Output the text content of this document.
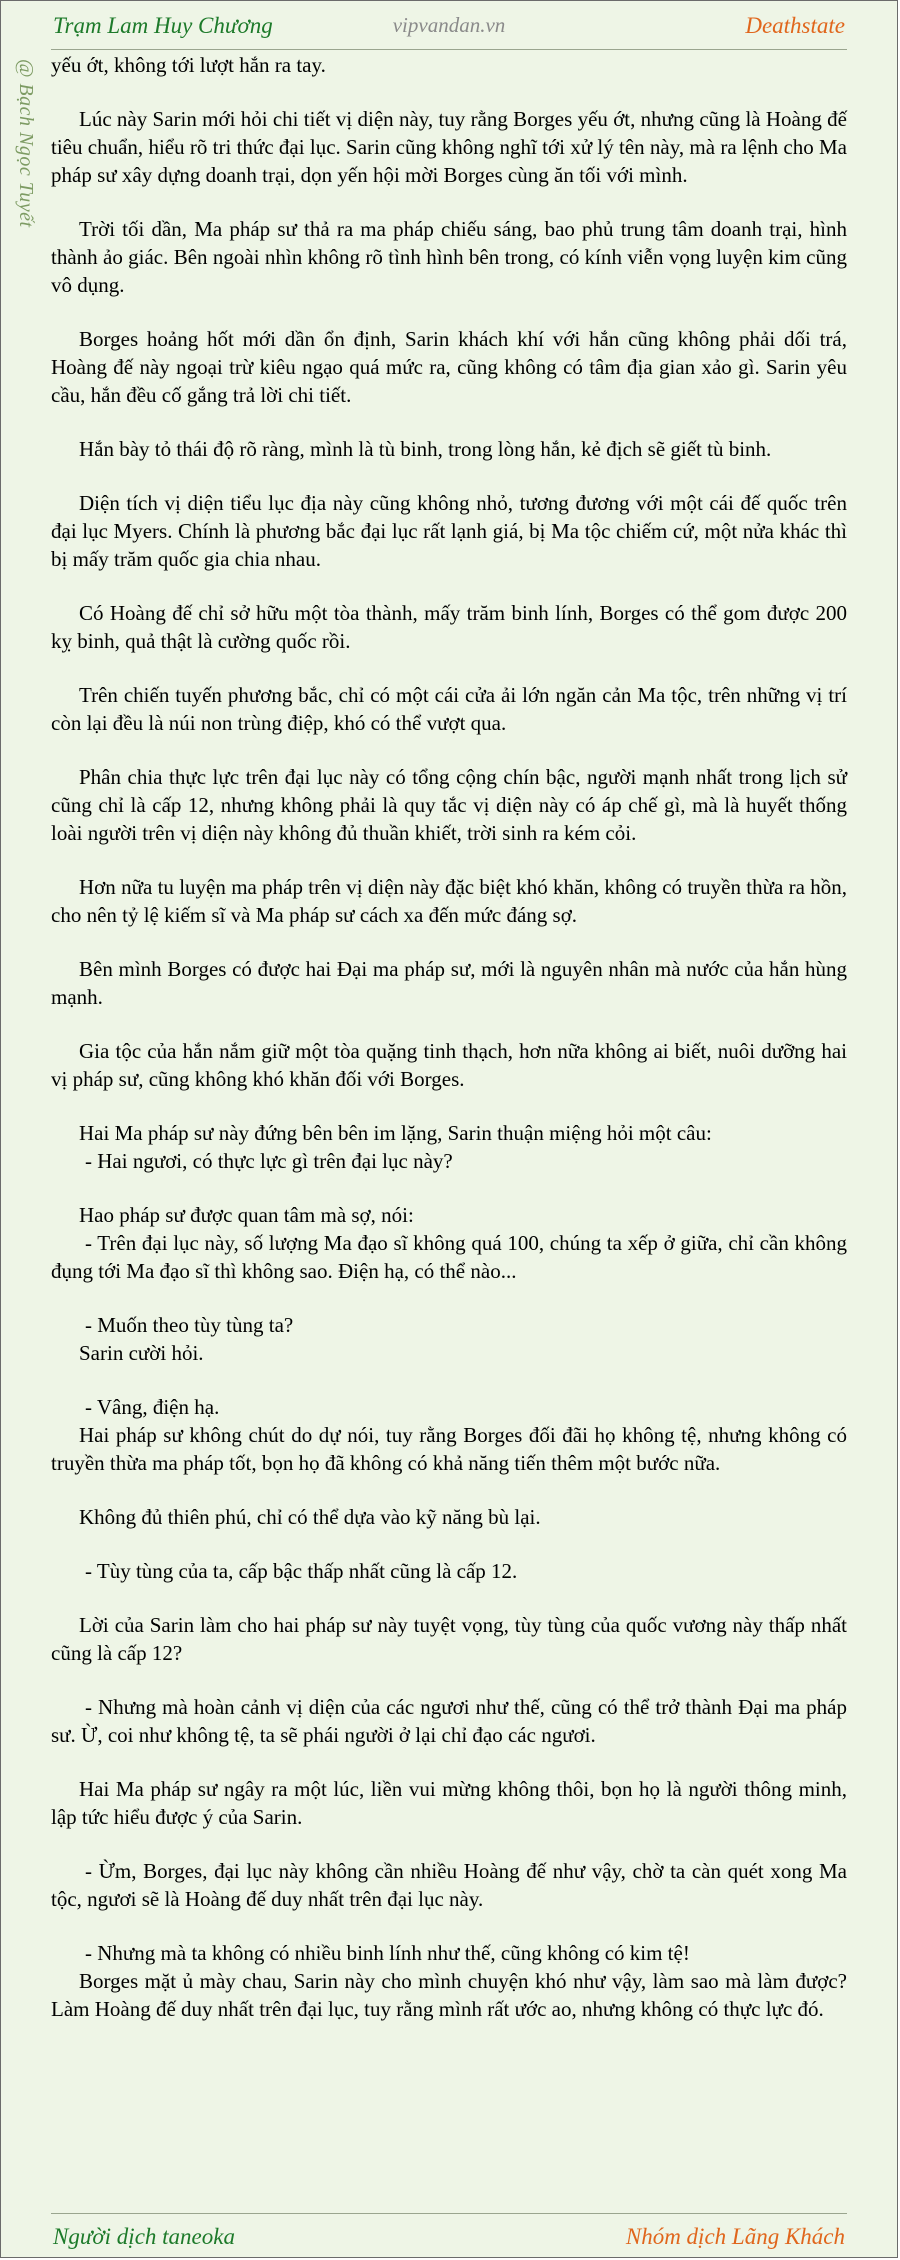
Trạm Lam Huy Chương	vipvandan.vn	Deathstate
@ Bạch Ngọc Tuyết yếu ớt, không tới lượt hắn ra tay.

Lúc này Sarin mới hỏi chi tiết vị diện này, tuy rằng Borges yếu ớt, nhưng cũng là Hoàng đế tiêu chuẩn, hiểu rõ tri thức đại lục. Sarin cũng không nghĩ tới xử lý tên này, mà ra lệnh cho Ma pháp sư xây dựng doanh trại, dọn yến hội mời Borges cùng ăn tối với mình.

Trời tối dần, Ma pháp sư thả ra ma pháp chiếu sáng, bao phủ trung tâm doanh trại, hình thành ảo giác. Bên ngoài nhìn không rõ tình hình bên trong, có kính viễn vọng luyện kim cũng vô dụng.

Borges hoảng hốt mới dần ổn định, Sarin khách khí với hắn cũng không phải dối trá, Hoàng đế này ngoại trừ kiêu ngạo quá mức ra, cũng không có tâm địa gian xảo gì. Sarin yêu cầu, hắn đều cố gắng trả lời chi tiết.

Hắn bày tỏ thái độ rõ ràng, mình là tù binh, trong lòng hắn, kẻ địch sẽ giết tù binh.

Diện tích vị diện tiểu lục địa này cũng không nhỏ, tương đương với một cái đế quốc trên đại lục Myers. Chính là phương bắc đại lục rất lạnh giá, bị Ma tộc chiếm cứ, một nửa khác thì bị mấy trăm quốc gia chia nhau.

Có Hoàng đế chỉ sở hữu một tòa thành, mấy trăm binh lính, Borges có thể gom được 200 kỵ binh, quả thật là cường quốc rồi.

Trên chiến tuyến phương bắc, chỉ có một cái cửa ải lớn ngăn cản Ma tộc, trên những vị trí còn lại đều là núi non trùng điệp, khó có thể vượt qua.

Phân chia thực lực trên đại lục này có tổng cộng chín bậc, người mạnh nhất trong lịch sử cũng chỉ là cấp 12, nhưng không phải là quy tắc vị diện này có áp chế gì, mà là huyết thống loài người trên vị diện này không đủ thuần khiết, trời sinh ra kém cỏi.

Hơn nữa tu luyện ma pháp trên vị diện này đặc biệt khó khăn, không có truyền thừa ra hồn, cho nên tỷ lệ kiếm sĩ và Ma pháp sư cách xa đến mức đáng sợ.

Bên mình Borges có được hai Đại ma pháp sư, mới là nguyên nhân mà nước của hắn hùng mạnh.

Gia tộc của hắn nắm giữ một tòa quặng tinh thạch, hơn nữa không ai biết, nuôi dưỡng hai vị pháp sư, cũng không khó khăn đối với Borges.

Hai Ma pháp sư này đứng bên bên im lặng, Sarin thuận miệng hỏi một câu:

- Hai ngươi, có thực lực gì trên đại lục này?

Hao pháp sư được quan tâm mà sợ, nói:

- Trên đại lục này, số lượng Ma đạo sĩ không quá 100, chúng ta xếp ở giữa, chỉ cần không đụng tới Ma đạo sĩ thì không sao. Điện hạ, có thể nào...

- Muốn theo tùy tùng ta?

Sarin cười hỏi.

- Vâng, điện hạ.

Hai pháp sư không chút do dự nói, tuy rằng Borges đối đãi họ không tệ, nhưng không có truyền thừa ma pháp tốt, bọn họ đã không có khả năng tiến thêm một bước nữa.

Không đủ thiên phú, chỉ có thể dựa vào kỹ năng bù lại.

- Tùy tùng của ta, cấp bậc thấp nhất cũng là cấp 12.

Lời của Sarin làm cho hai pháp sư này tuyệt vọng, tùy tùng của quốc vương này thấp nhất cũng là cấp 12?

- Nhưng mà hoàn cảnh vị diện của các ngươi như thế, cũng có thể trở thành Đại ma pháp sư. Ừ, coi như không tệ, ta sẽ phái người ở lại chỉ đạo các ngươi.

Hai Ma pháp sư ngây ra một lúc, liền vui mừng không thôi, bọn họ là người thông minh, lập tức hiểu được ý của Sarin.

- Ừm, Borges, đại lục này không cần nhiều Hoàng đế như vậy, chờ ta càn quét xong Ma tộc, ngươi sẽ là Hoàng đế duy nhất trên đại lục này.

- Nhưng mà ta không có nhiều binh lính như thế, cũng không có kim tệ!

Borges mặt ủ mày chau, Sarin này cho mình chuyện khó như vậy, làm sao mà làm được? Làm Hoàng đế duy nhất trên đại lục, tuy rằng mình rất ước ao, nhưng không có thực lực đó.

Người dịch taneoka	Nhóm dịch Lãng Khách
